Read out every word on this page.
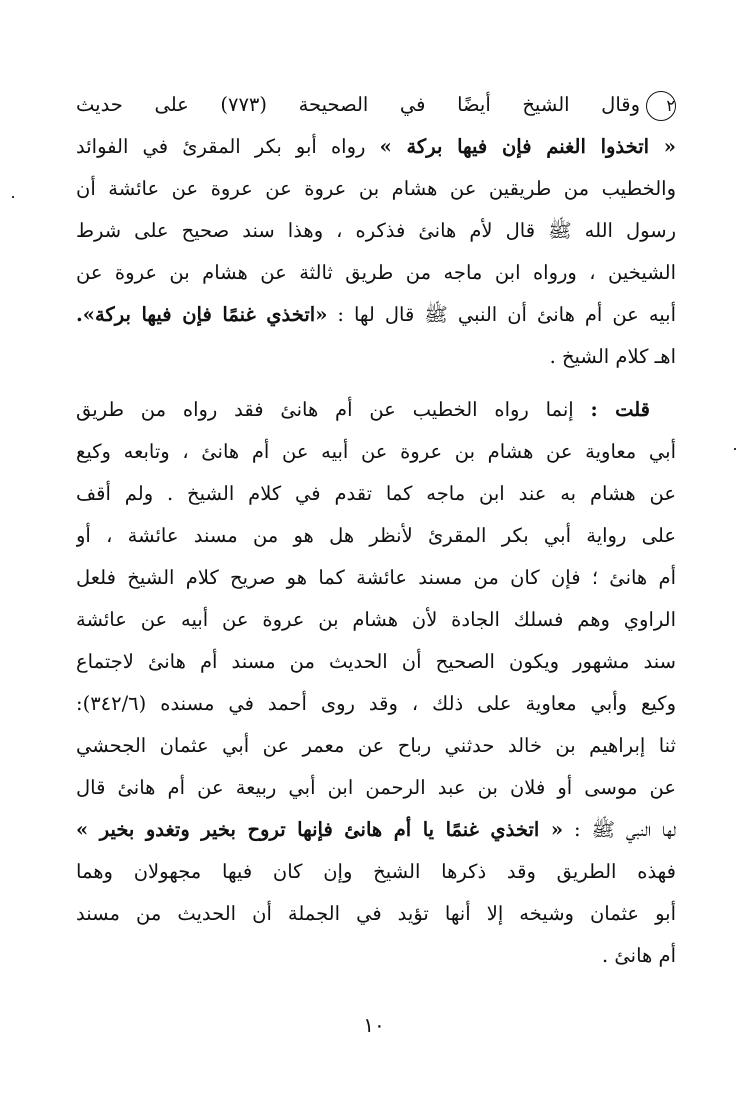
٢وقال الشيخ أيضًا في الصحيحة (٧٧٣) على حديث
« اتخذوا الغنم فإن فيها بركة » رواه أبو بكر المقرئ في الفوائد
والخطيب من طريقين عن هشام بن عروة عن عروة عن عائشة أن
رسول الله ﷺ قال لأم هانئ فذكره ، وهذا سند صحيح على شرط
الشيخين ، ورواه ابن ماجه من طريق ثالثة عن هشام بن عروة عن
أبيه عن أم هانئ أن النبي ﷺ قال لها : «اتخذي غنمًا فإن فيها بركة».
اهـ كلام الشيخ .
قلت : إنما رواه الخطيب عن أم هانئ فقد رواه من طريق
أبي معاوية عن هشام بن عروة عن أبيه عن أم هانئ ، وتابعه وكيع
عن هشام به عند ابن ماجه كما تقدم في كلام الشيخ . ولم أقف
على رواية أبي بكر المقرئ لأنظر هل هو من مسند عائشة ، أو
أم هانئ ؛ فإن كان من مسند عائشة كما هو صريح كلام الشيخ فلعل
الراوي وهم فسلك الجادة لأن هشام بن عروة عن أبيه عن عائشة
سند مشهور ويكون الصحيح أن الحديث من مسند أم هانئ لاجتماع
وكيع وأبي معاوية على ذلك ، وقد روى أحمد في مسنده (٣٤٢/٦):
ثنا إبراهيم بن خالد حدثني رباح عن معمر عن أبي عثمان الجحشي
عن موسى أو فلان بن عبد الرحمن ابن أبي ربيعة عن أم هانئ قال
لها النبي ﷺ : « اتخذي غنمًا يا أم هانئ فإنها تروح بخير وتغدو بخير »
فهذه الطريق وقد ذكرها الشيخ وإن كان فيها مجهولان وهما
أبو عثمان وشيخه إلا أنها تؤيد في الجملة أن الحديث من مسند
أم هانئ .
١٠
